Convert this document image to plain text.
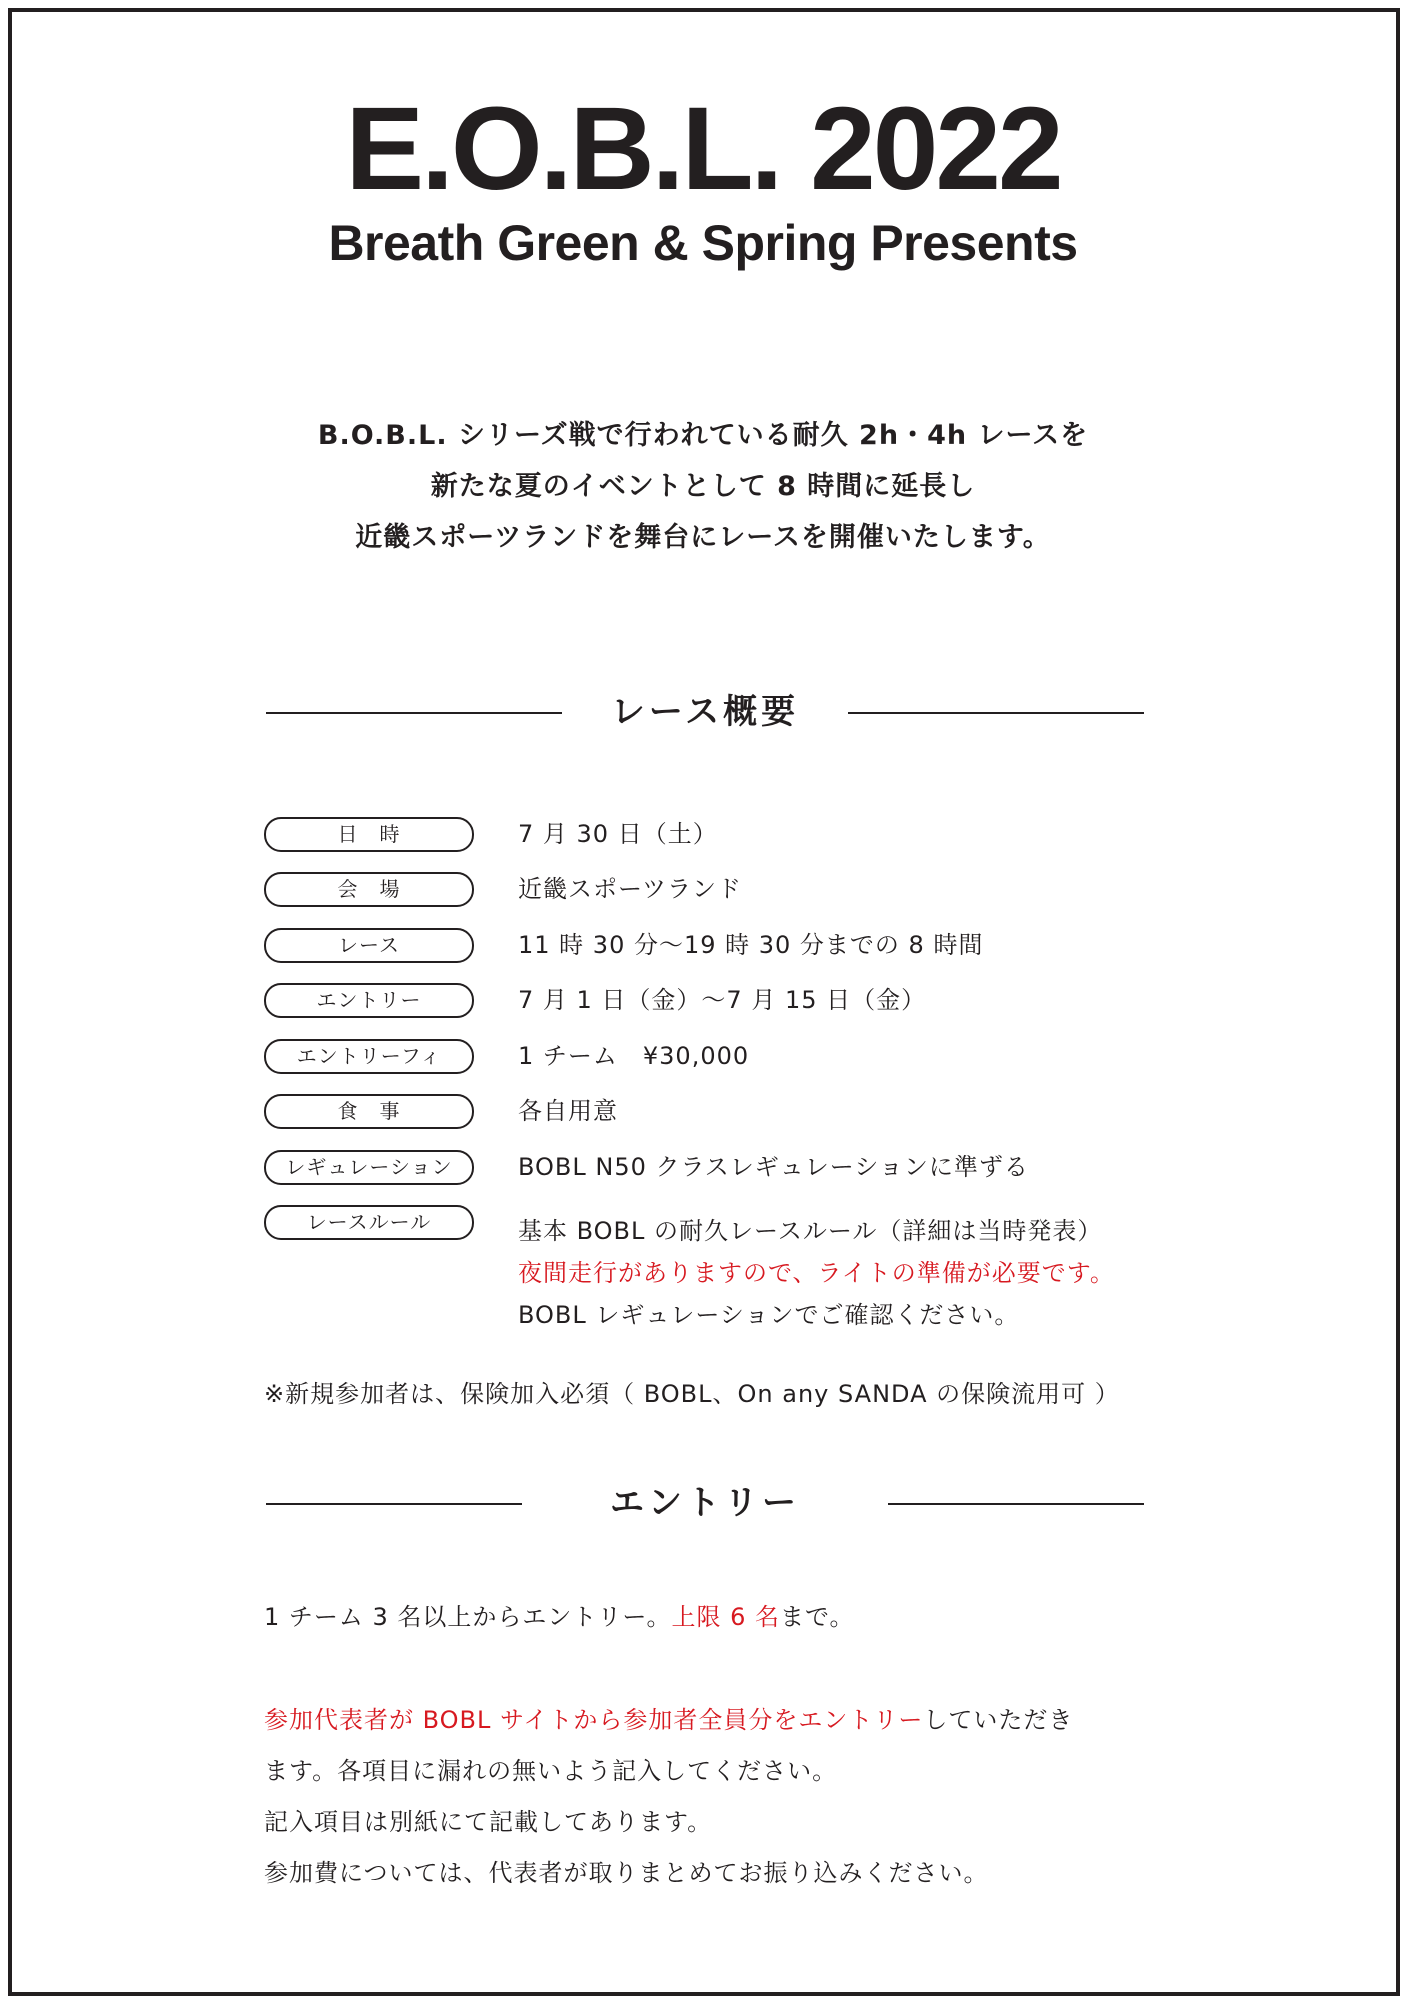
E.O.B.L. 2022
Breath Green & Spring Presents
B.O.B.L. シリーズ戦で行われている耐久 2h・4h レースを
新たな夏のイベントとして 8 時間に延長し
近畿スポーツランドを舞台にレースを開催いたします。
レース概要
日　時	7 月 30 日（土）
会　場	近畿スポーツランド
レース	11 時 30 分～19 時 30 分までの 8 時間
エントリー	7 月 1 日（金）～7 月 15 日（金）
エントリーフィ	1 チーム　¥30,000
食　事	各自用意
レギュレーション	BOBL N50 クラスレギュレーションに準ずる
レースルール	基本 BOBL の耐久レースルール（詳細は当時発表）
夜間走行がありますので、ライトの準備が必要です。
BOBL レギュレーションでご確認ください。
※新規参加者は、保険加入必須（ BOBL、On any SANDA の保険流用可 ）
エントリー
1 チーム 3 名以上からエントリー。上限 6 名まで。
参加代表者が BOBL サイトから参加者全員分をエントリーしていただき
ます。各項目に漏れの無いよう記入してください。
記入項目は別紙にて記載してあります。
参加費については、代表者が取りまとめてお振り込みください。
